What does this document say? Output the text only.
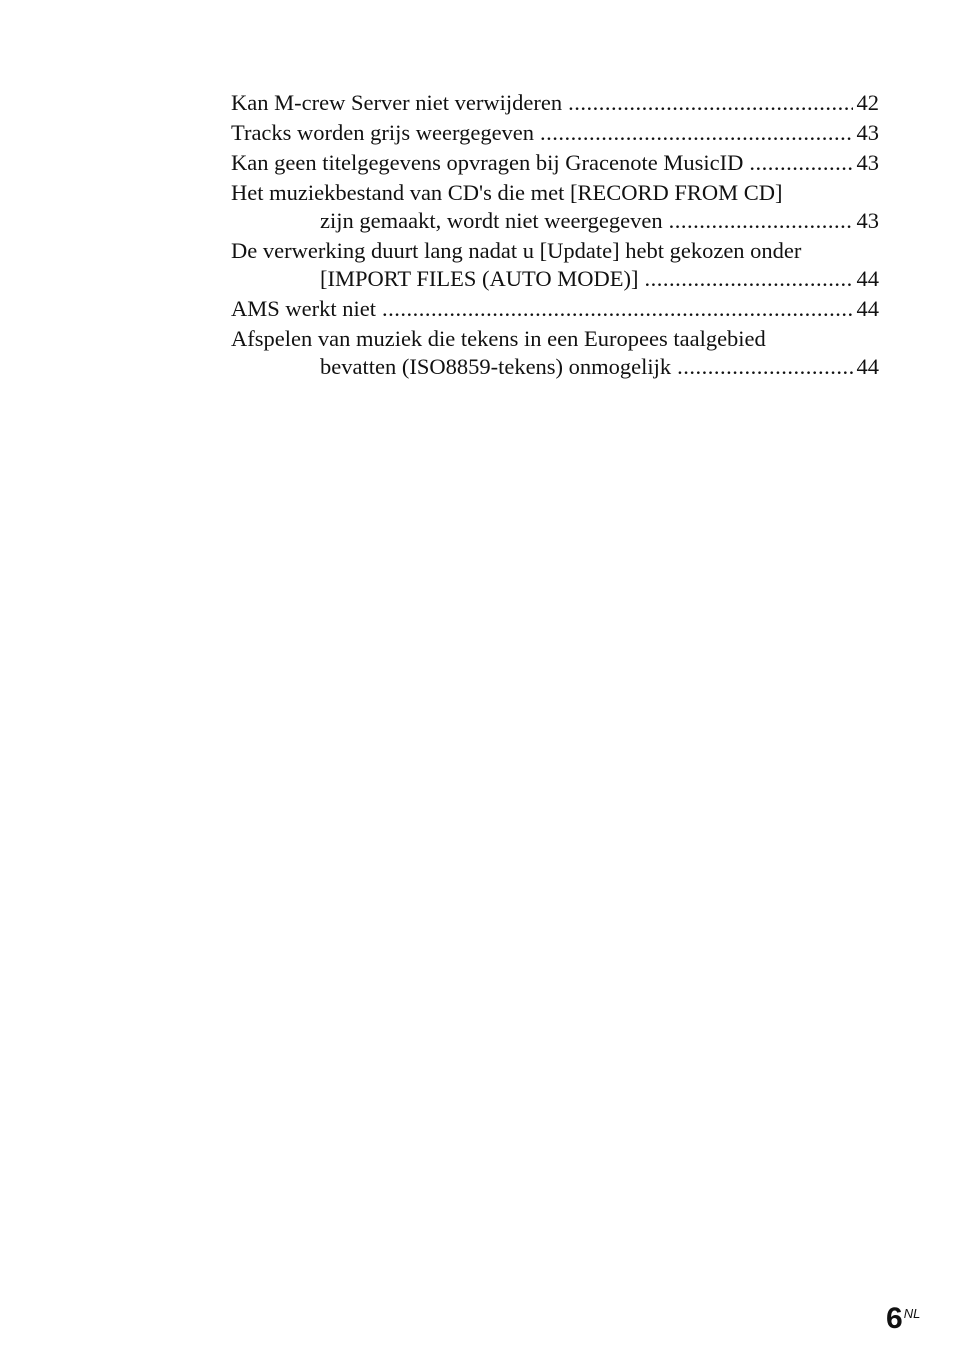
Kan M-crew Server niet verwijderen .....	42
Tracks worden grijs weergegeven .....	43
Kan geen titelgegevens opvragen bij Gracenote MusicID .....	43
Het muziekbestand van CD's die met [RECORD FROM CD]
zijn gemaakt, wordt niet weergegeven .....	43
De verwerking duurt lang nadat u [Update] hebt gekozen onder
[IMPORT FILES (AUTO MODE)] .....	44
AMS werkt niet .....	44
Afspelen van muziek die tekens in een Europees taalgebied
bevatten (ISO8859-tekens) onmogelijk .....	44
$6^{NL}$
